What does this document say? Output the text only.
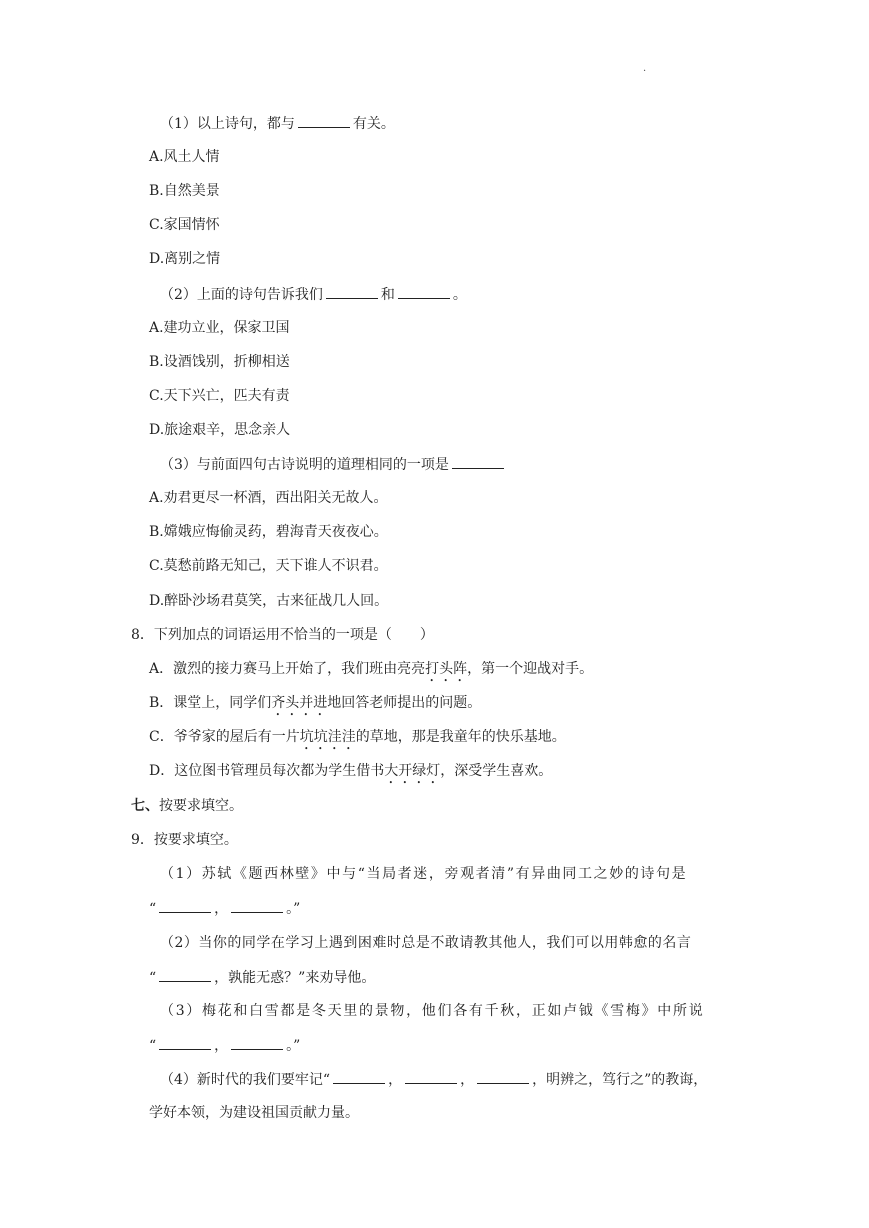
·
（1）以上诗句，都与	有关。
A.风土人情
B.自然美景
C.家国情怀
D.离别之情
（2）上面的诗句告诉我们	和	。
A.建功立业，保家卫国
B.设酒饯别，折柳相送
C.天下兴亡，匹夫有责
D.旅途艰辛，思念亲人
（3）与前面四句古诗说明的道理相同的一项是
A.劝君更尽一杯酒，西出阳关无故人。
B.嫦娥应悔偷灵药，碧海青天夜夜心。
C.莫愁前路无知己，天下谁人不识君。
D.醉卧沙场君莫笑，古来征战几人回。
8．下列加点的词语运用不恰当的一项是（　　）
A．激烈的接力赛马上开始了，我们班由亮亮打头阵，第一个迎战对手。
B．课堂上，同学们齐头并进地回答老师提出的问题。
C．爷爷家的屋后有一片坑坑洼洼的草地，那是我童年的快乐基地。
D．这位图书管理员每次都为学生借书大开绿灯，深受学生喜欢。
七、按要求填空。
9．按要求填空。
（1）苏轼《题西林壁》中与“当局者迷，旁观者清”有异曲同工之妙的诗句是
“	，	。”
（2）当你的同学在学习上遇到困难时总是不敢请教其他人，我们可以用韩愈的名言
“	，孰能无惑？”来劝导他。
（3）梅花和白雪都是冬天里的景物，他们各有千秋，正如卢钺《雪梅》中所说
“	，	。”
（4）新时代的我们要牢记“	，	，	，明辨之，笃行之”的教诲，
学好本领，为建设祖国贡献力量。
